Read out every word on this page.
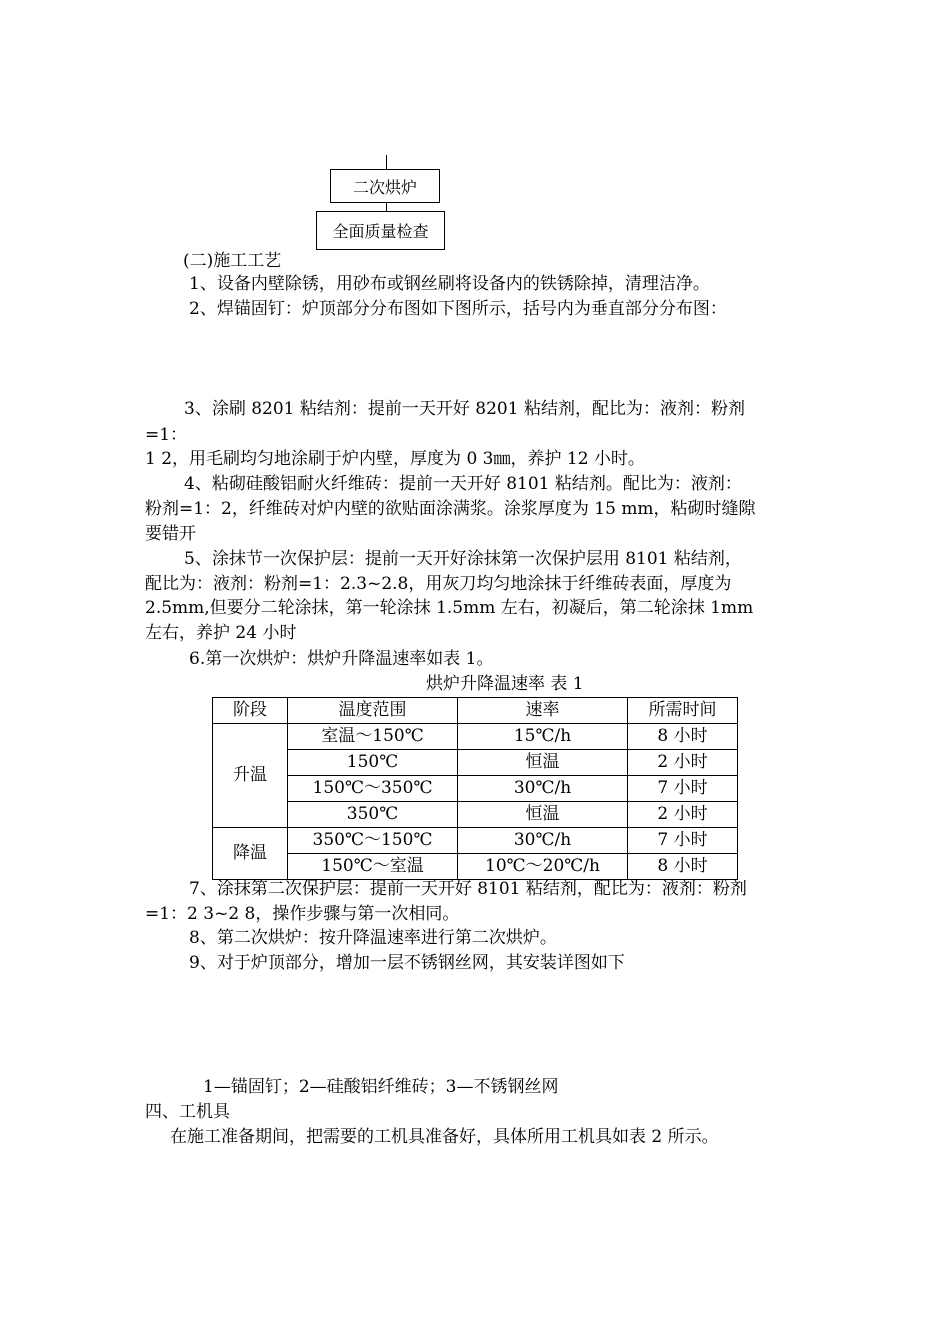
二次烘炉
全面质量检查
(二)施工工艺
1、设备内壁除锈，用砂布或钢丝刷将设备内的铁锈除掉，清理洁净。
2、焊锚固钉：炉顶部分分布图如下图所示，括号内为垂直部分分布图：
3、涂刷 8201 粘结剂：提前一天开好 8201 粘结剂，配比为：液剂：粉剂
=1：
1 2，用毛刷均匀地涂刷于炉内壁，厚度为 0 3㎜，养护 12 小时。
4、粘砌硅酸铝耐火纤维砖：提前一天开好 8101 粘结剂。配比为：液剂：
粉剂=1：2，纤维砖对炉内壁的欲贴面涂满浆。涂浆厚度为 15 mm，粘砌时缝隙
要错开
5、涂抹节一次保护层：提前一天开好涂抹第一次保护层用 8101 粘结剂，
配比为：液剂：粉剂=1：2.3~2.8，用灰刀均匀地涂抹于纤维砖表面，厚度为
2.5mm,但要分二轮涂抹，第一轮涂抹 1.5mm 左右，初凝后，第二轮涂抹 1mm
左右，养护 24 小时
6.第一次烘炉：烘炉升降温速率如表 1。
烘炉升降温速率 表 1
阶段	温度范围	速率	所需时间
升温	室温～150℃	15℃/h	8 小时
	150℃	恒温	2 小时
	150℃～350℃	30℃/h	7 小时
	350℃	恒温	2 小时
降温	350℃～150℃	30℃/h	7 小时
	150℃～室温	10℃～20℃/h	8 小时
7、涂抹第二次保护层：提前一天开好 8101 粘结剂，配比为：液剂：粉剂
=1：2 3~2 8，操作步骤与第一次相同。
8、第二次烘炉：按升降温速率进行第二次烘炉。
9、对于炉顶部分，增加一层不锈钢丝网，其安装详图如下
1—锚固钉；2—硅酸铝纤维砖；3—不锈钢丝网
四、工机具
在施工准备期间，把需要的工机具准备好，具体所用工机具如表 2 所示。
